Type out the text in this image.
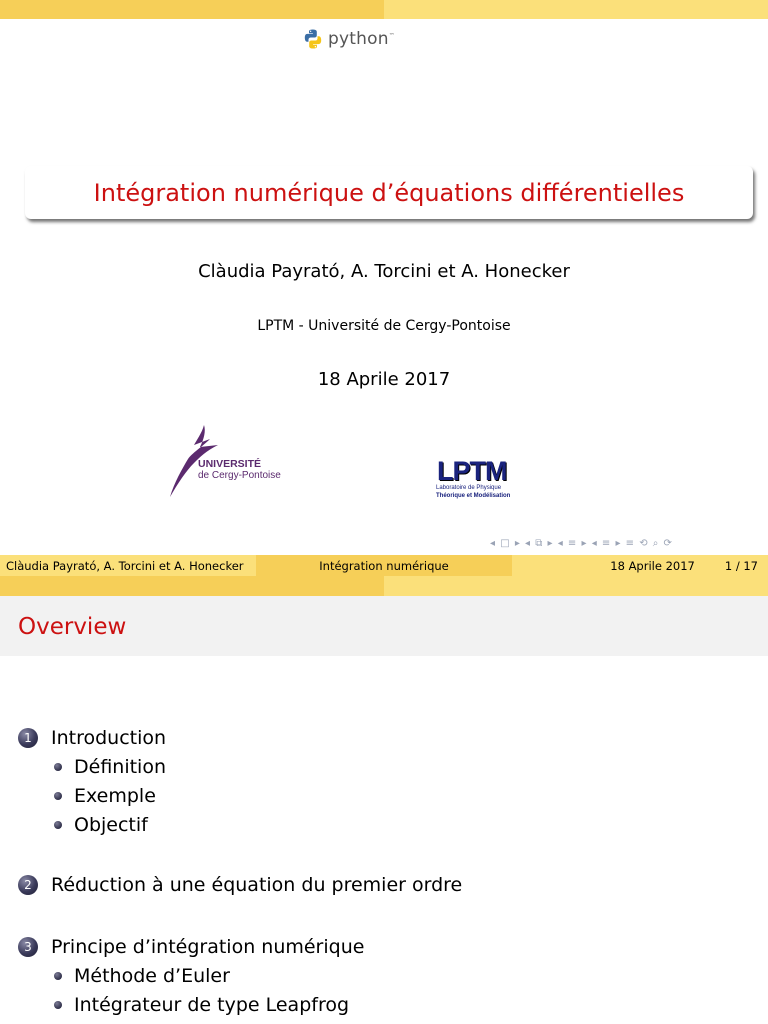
python™
Intégration numérique d’équations différentielles
Clàudia Payrató, A. Torcini et A. Honecker
LPTM - Université de Cergy-Pontoise
18 Aprile 2017
UNIVERSITÉ
de Cergy-Pontoise	LPTM
Laboratoire de Physique
Théorique et Modélisation
◂ □ ▸ ◂ ⧉ ▸ ◂ ≡ ▸ ◂ ≡ ▸ ≡ ⟲ ⌕ ⟳
Clàudia Payrató, A. Torcini et A. Honecker	Intégration numérique	18 Aprile 2017	1 / 17
Overview
1	Introduction
Définition
Exemple
Objectif
2	Réduction à une équation du premier ordre
3	Principe d’intégration numérique
Méthode d’Euler
Intégrateur de type Leapfrog
